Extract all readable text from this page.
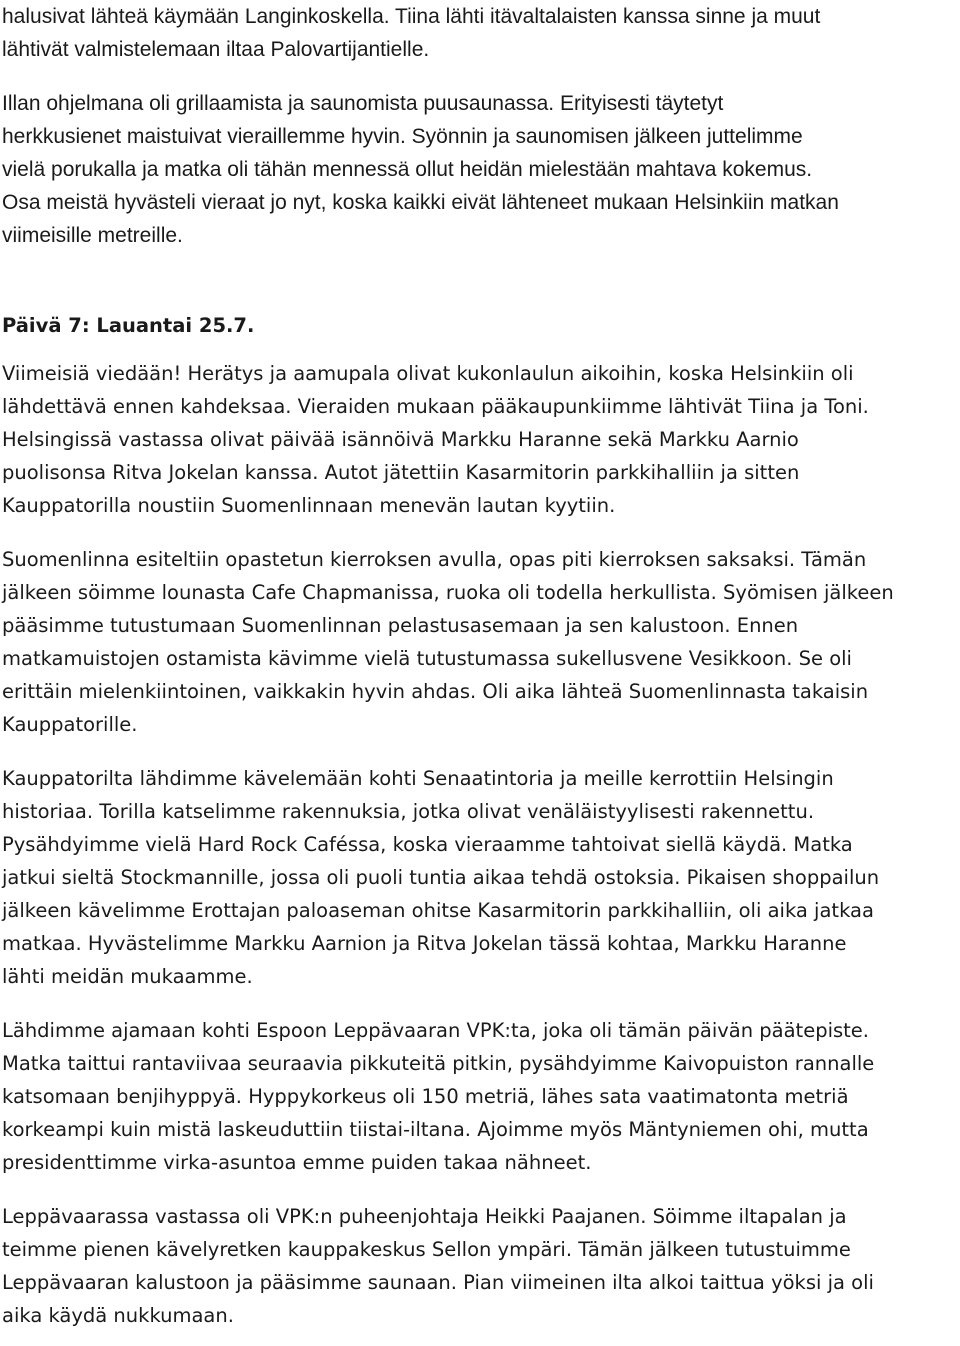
halusivat lähteä käymään Langinkoskella. Tiina lähti itävaltalaisten kanssa sinne ja muut
lähtivät valmistelemaan iltaa Palovartijantielle.

Illan ohjelmana oli grillaamista ja saunomista puusaunassa. Erityisesti täytetyt
herkkusienet maistuivat vieraillemme hyvin. Syönnin ja saunomisen jälkeen juttelimme
vielä porukalla ja matka oli tähän mennessä ollut heidän mielestään mahtava kokemus.
Osa meistä hyvästeli vieraat jo nyt, koska kaikki eivät lähteneet mukaan Helsinkiin matkan
viimeisille metreille.

Päivä 7: Lauantai 25.7.

Viimeisiä viedään! Herätys ja aamupala olivat kukonlaulun aikoihin, koska Helsinkiin oli
lähdettävä ennen kahdeksaa. Vieraiden mukaan pääkaupunkiimme lähtivät Tiina ja Toni.
Helsingissä vastassa olivat päivää isännöivä Markku Haranne sekä Markku Aarnio
puolisonsa Ritva Jokelan kanssa. Autot jätettiin Kasarmitorin parkkihalliin ja sitten
Kauppatorilla noustiin Suomenlinnaan menevän lautan kyytiin.

Suomenlinna esiteltiin opastetun kierroksen avulla, opas piti kierroksen saksaksi. Tämän
jälkeen söimme lounasta Cafe Chapmanissa, ruoka oli todella herkullista. Syömisen jälkeen
pääsimme tutustumaan Suomenlinnan pelastusasemaan ja sen kalustoon. Ennen
matkamuistojen ostamista kävimme vielä tutustumassa sukellusvene Vesikkoon. Se oli
erittäin mielenkiintoinen, vaikkakin hyvin ahdas. Oli aika lähteä Suomenlinnasta takaisin
Kauppatorille.

Kauppatorilta lähdimme kävelemään kohti Senaatintoria ja meille kerrottiin Helsingin
historiaa. Torilla katselimme rakennuksia, jotka olivat venäläistyylisesti rakennettu.
Pysähdyimme vielä Hard Rock Caféssa, koska vieraamme tahtoivat siellä käydä. Matka
jatkui sieltä Stockmannille, jossa oli puoli tuntia aikaa tehdä ostoksia. Pikaisen shoppailun
jälkeen kävelimme Erottajan paloaseman ohitse Kasarmitorin parkkihalliin, oli aika jatkaa
matkaa. Hyvästelimme Markku Aarnion ja Ritva Jokelan tässä kohtaa, Markku Haranne
lähti meidän mukaamme.

Lähdimme ajamaan kohti Espoon Leppävaaran VPK:ta, joka oli tämän päivän päätepiste.
Matka taittui rantaviivaa seuraavia pikkuteitä pitkin, pysähdyimme Kaivopuiston rannalle
katsomaan benjihyppyä. Hyppykorkeus oli 150 metriä, lähes sata vaatimatonta metriä
korkeampi kuin mistä laskeuduttiin tiistai-iltana. Ajoimme myös Mäntyniemen ohi, mutta
presidenttimme virka-asuntoa emme puiden takaa nähneet.

Leppävaarassa vastassa oli VPK:n puheenjohtaja Heikki Paajanen. Söimme iltapalan ja
teimme pienen kävelyretken kauppakeskus Sellon ympäri. Tämän jälkeen tutustuimme
Leppävaaran kalustoon ja pääsimme saunaan. Pian viimeinen ilta alkoi taittua yöksi ja oli
aika käydä nukkumaan.
